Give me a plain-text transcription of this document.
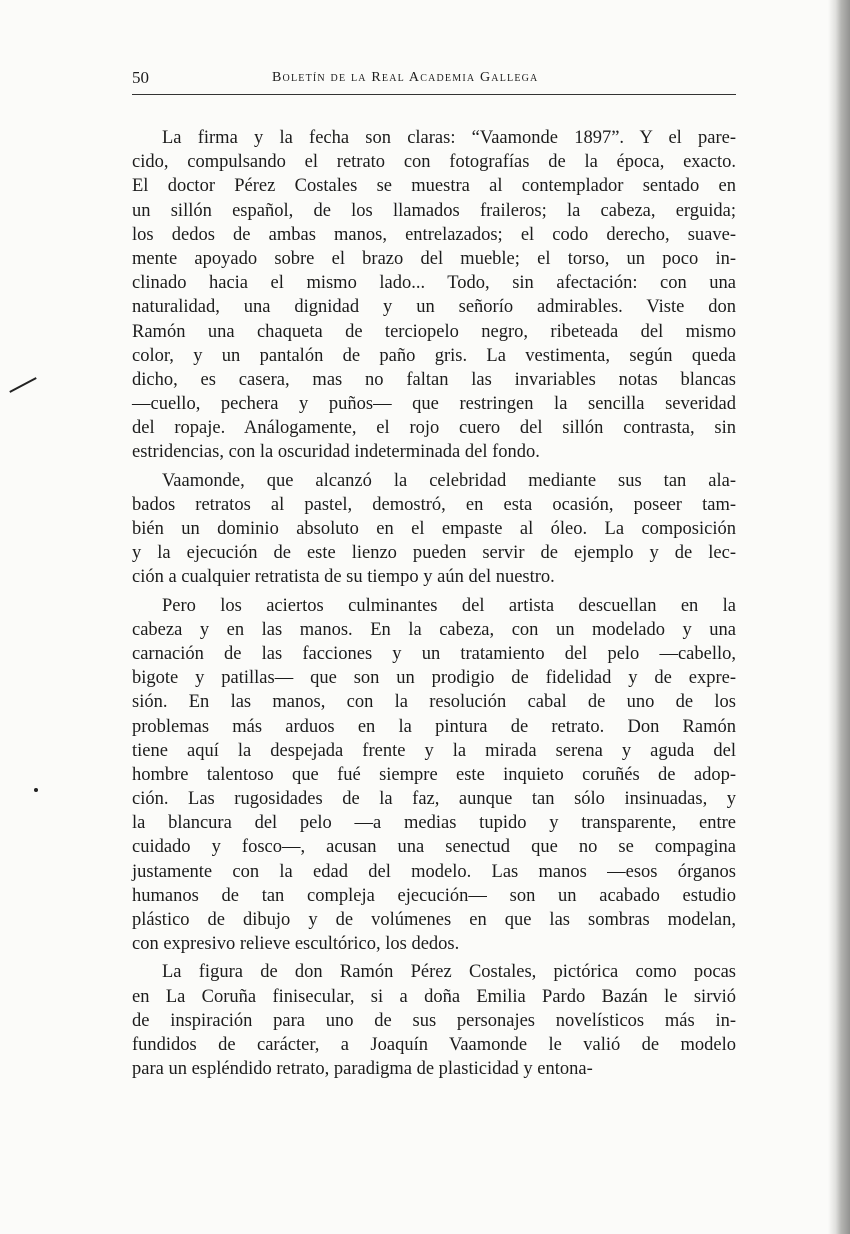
50	Boletín de la Real Academia Gallega
La firma y la fecha son claras: “Vaamonde 1897”. Y el pare-
cido, compulsando el retrato con fotografías de la época, exacto.
El doctor Pérez Costales se muestra al contemplador sentado en
un sillón español, de los llamados fraileros; la cabeza, erguida;
los dedos de ambas manos, entrelazados; el codo derecho, suave-
mente apoyado sobre el brazo del mueble; el torso, un poco in-
clinado hacia el mismo lado... Todo, sin afectación: con una
naturalidad, una dignidad y un señorío admirables. Viste don
Ramón una chaqueta de terciopelo negro, ribeteada del mismo
color, y un pantalón de paño gris. La vestimenta, según queda
dicho, es casera, mas no faltan las invariables notas blancas
—cuello, pechera y puños— que restringen la sencilla severidad
del ropaje. Análogamente, el rojo cuero del sillón contrasta, sin
estridencias, con la oscuridad indeterminada del fondo.
Vaamonde, que alcanzó la celebridad mediante sus tan ala-
bados retratos al pastel, demostró, en esta ocasión, poseer tam-
bién un dominio absoluto en el empaste al óleo. La composición
y la ejecución de este lienzo pueden servir de ejemplo y de lec-
ción a cualquier retratista de su tiempo y aún del nuestro.
Pero los aciertos culminantes del artista descuellan en la
cabeza y en las manos. En la cabeza, con un modelado y una
carnación de las facciones y un tratamiento del pelo —cabello,
bigote y patillas— que son un prodigio de fidelidad y de expre-
sión. En las manos, con la resolución cabal de uno de los
problemas más arduos en la pintura de retrato. Don Ramón
tiene aquí la despejada frente y la mirada serena y aguda del
hombre talentoso que fué siempre este inquieto coruñés de adop-
ción. Las rugosidades de la faz, aunque tan sólo insinuadas, y
la blancura del pelo —a medias tupido y transparente, entre
cuidado y fosco—, acusan una senectud que no se compagina
justamente con la edad del modelo. Las manos —esos órganos
humanos de tan compleja ejecución— son un acabado estudio
plástico de dibujo y de volúmenes en que las sombras modelan,
con expresivo relieve escultórico, los dedos.
La figura de don Ramón Pérez Costales, pictórica como pocas
en La Coruña finisecular, si a doña Emilia Pardo Bazán le sirvió
de inspiración para uno de sus personajes novelísticos más in-
fundidos de carácter, a Joaquín Vaamonde le valió de modelo
para un espléndido retrato, paradigma de plasticidad y entona-
